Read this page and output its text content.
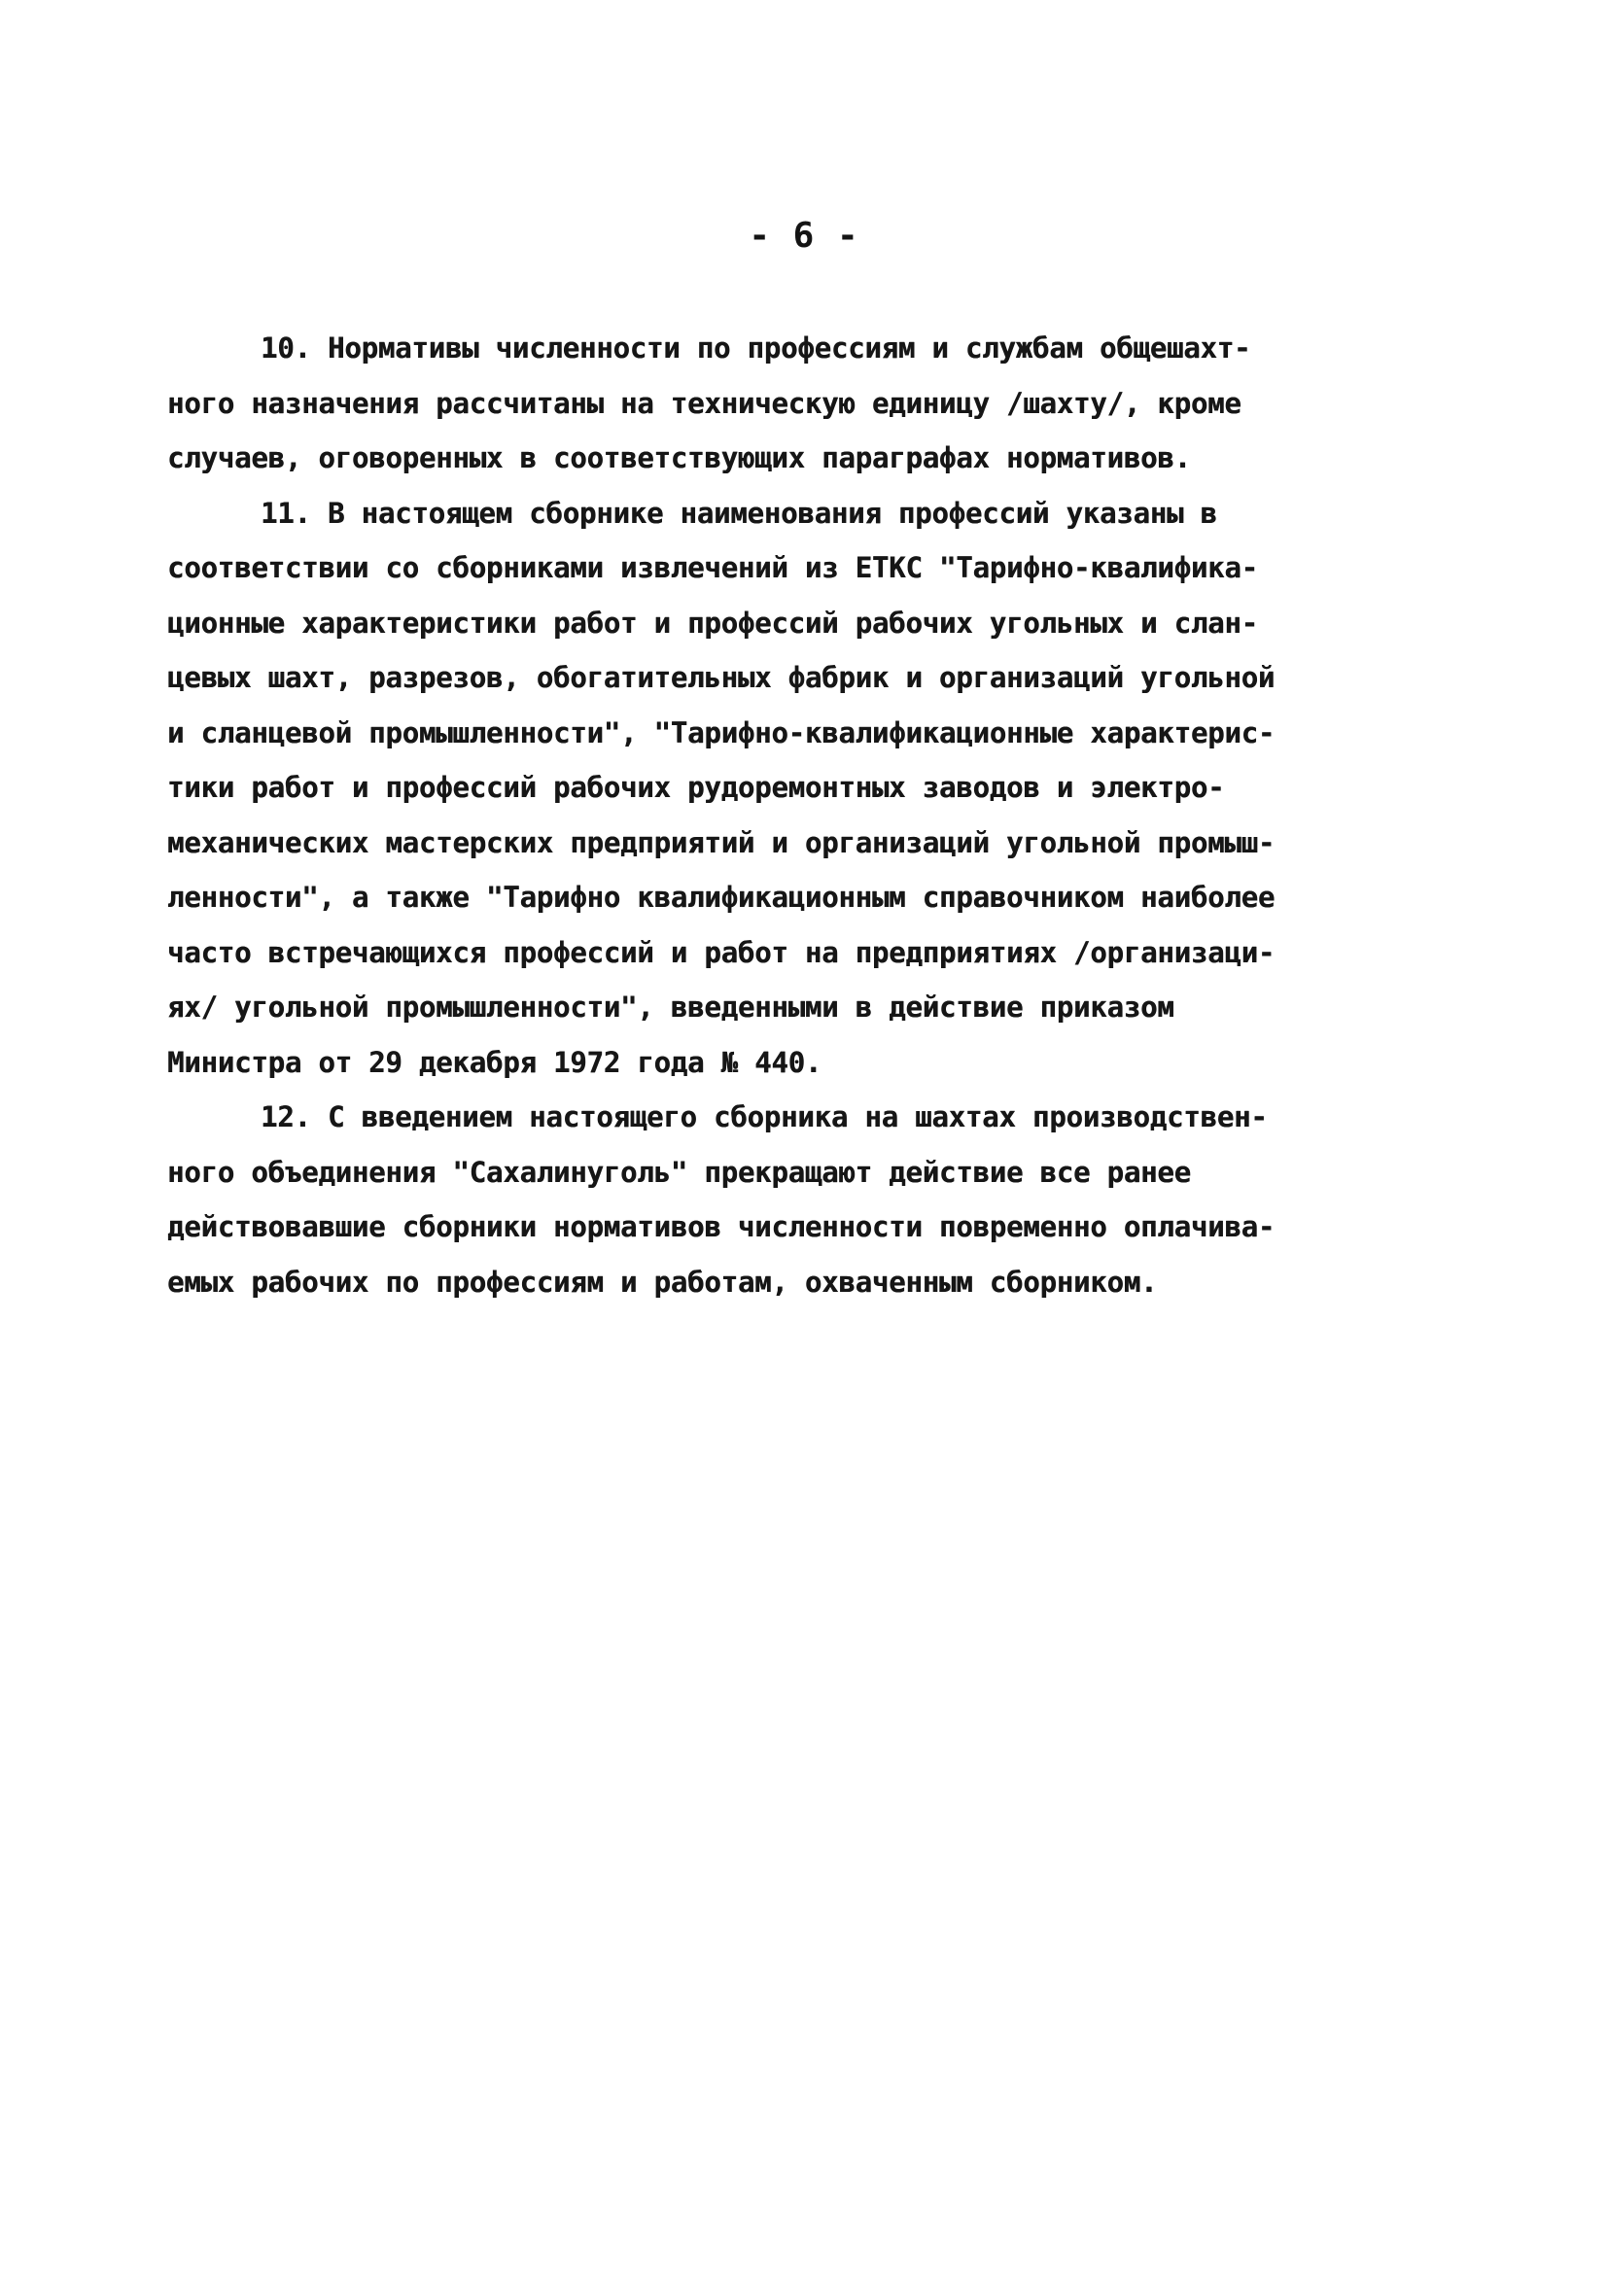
- 6 -
10. Нормативы численности по профессиям и службам общешахт-
ного назначения рассчитаны на техническую единицу /шахту/, кроме
случаев, оговоренных в соответствующих параграфах нормативов.
11. В настоящем сборнике наименования профессий указаны в
соответствии со сборниками извлечений из ЕТКС "Тарифно-квалифика-
ционные характеристики работ и профессий рабочих угольных и слан-
цевых шахт, разрезов, обогатительных фабрик и организаций угольной
и сланцевой промышленности", "Тарифно-квалификационные характерис-
тики работ и профессий рабочих рудоремонтных заводов и электро-
механических мастерских предприятий и организаций угольной промыш-
ленности", а также "Тарифно квалификационным справочником наиболее
часто встречающихся профессий и работ на предприятиях /организаци-
ях/ угольной промышленности", введенными в действие приказом
Министра от 29 декабря 1972 года № 440.
12. С введением настоящего сборника на шахтах производствен-
ного объединения "Сахалинуголь" прекращают действие все ранее
действовавшие сборники нормативов численности повременно оплачива-
емых рабочих по профессиям и работам, охваченным сборником.
